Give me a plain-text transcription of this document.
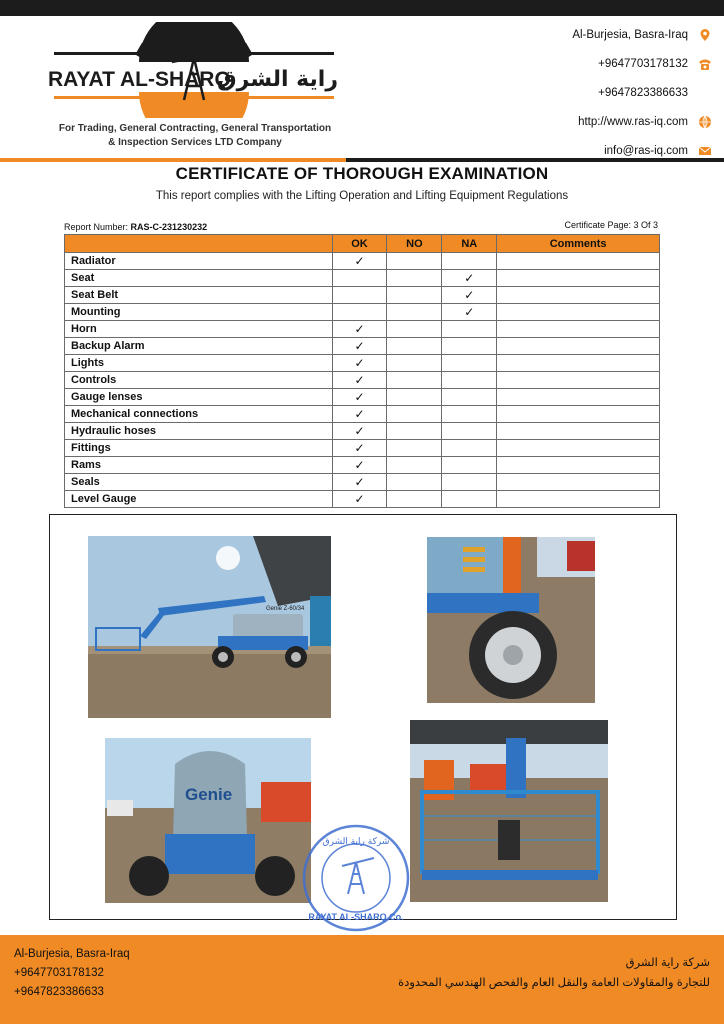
RAYAT AL-SHARQ
راية الشرق
For Trading, General Contracting, General Transportation
& Inspection Services LTD Company
Al-Burjesia, Basra-Iraq
+9647703178132
+9647823386633
http://www.ras-iq.com
info@ras-iq.com
CERTIFICATE OF THOROUGH EXAMINATION
This report complies with the Lifting Operation and Lifting Equipment Regulations
Report Number: RAS-C-231230232	Certificate Page: 3 Of 3
	OK	NO	NA	Comments
Radiator	✓			
Seat			✓	
Seat Belt			✓	
Mounting			✓	
Horn	✓			
Backup Alarm	✓			
Lights	✓			
Controls	✓			
Gauge lenses	✓			
Mechanical connections	✓			
Hydraulic hoses	✓			
Fittings	✓			
Rams	✓			
Seals	✓			
Level Gauge	✓			
Genie Z-60/34
Genie
شركة راية الشرق
RAYAT AL-SHARQ Co.
Al-Burjesia, Basra-Iraq
+9647703178132
+9647823386633
شركة راية الشرق
للتجارة والمقاولات العامة والنقل العام والفحص الهندسي المحدودة
